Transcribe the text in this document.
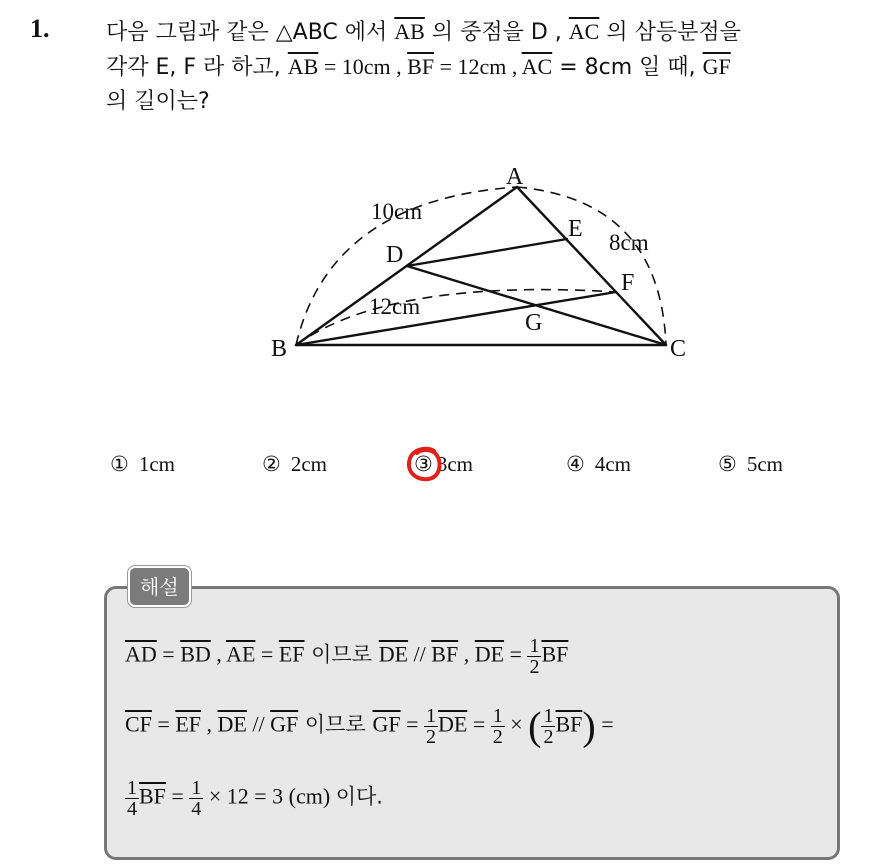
1.	다음 그림과 같은 △ABC 에서 $\overline{AB}$ 의 중점을 D , $\overline{AC}$ 의 삼등분점을
각각 E, F 라 하고, $\overline{AB} = 10cm$ , $\overline{BF} = 12cm$ , $\overline{AC} = 8cm$ 일 때, $\overline{GF}$
의 길이는?
A
B	C
D
E
F
G
10cm
8cm
12cm
① 1cm	② 2cm	③ 3cm	④ 4cm	⑤ 5cm
해설
$\overline{AD} = \overline{BD}$ , $\overline{AE} = \overline{EF}$ 이므로 $\overline{DE} // \overline{BF}$ , $\overline{DE} = \frac{1}{2} \overline{BF}$
$\overline{CF} = \overline{EF}$ , $\overline{DE} // \overline{GF}$ 이므로 $\overline{GF} = \frac{1}{2} \overline{DE} = \frac{1}{2}$ × ( $\frac{1}{2} \overline{BF}$) =
$\frac{1}{4} \overline{BF} = \frac{1}{4} \times 12 = 3$ (cm) 이다.
